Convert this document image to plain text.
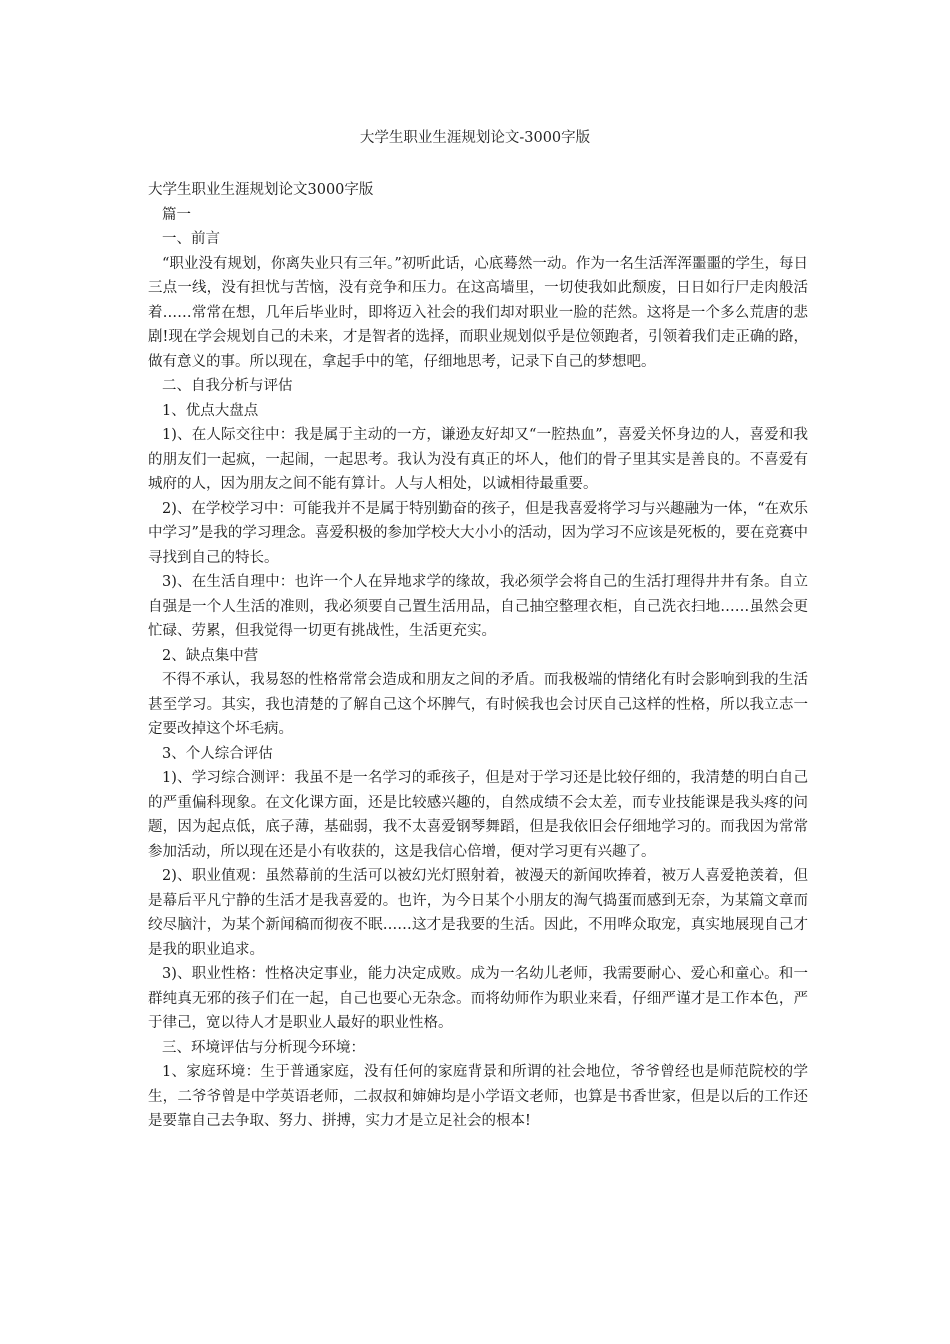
大学生职业生涯规划论文-3000字版

大学生职业生涯规划论文3000字版

篇一

一、前言

“职业没有规划，你离失业只有三年。”初听此话，心底蓦然一动。作为一名生活浑浑噩噩的学生，每日三点一线，没有担忧与苦恼，没有竞争和压力。在这高墙里，一切使我如此颓废，日日如行尸走肉般活着……常常在想，几年后毕业时，即将迈入社会的我们却对职业一脸的茫然。这将是一个多么荒唐的悲剧!现在学会规划自己的未来，才是智者的选择，而职业规划似乎是位领跑者，引领着我们走正确的路，做有意义的事。所以现在，拿起手中的笔，仔细地思考，记录下自己的梦想吧。

二、自我分析与评估

1、优点大盘点

1)、在人际交往中：我是属于主动的一方，谦逊友好却又“一腔热血”，喜爱关怀身边的人，喜爱和我的朋友们一起疯，一起闹，一起思考。我认为没有真正的坏人，他们的骨子里其实是善良的。不喜爱有城府的人，因为朋友之间不能有算计。人与人相处，以诚相待最重要。

2)、在学校学习中：可能我并不是属于特别勤奋的孩子，但是我喜爱将学习与兴趣融为一体，“在欢乐中学习”是我的学习理念。喜爱积极的参加学校大大小小的活动，因为学习不应该是死板的，要在竞赛中寻找到自己的特长。

3)、在生活自理中：也许一个人在异地求学的缘故，我必须学会将自己的生活打理得井井有条。自立自强是一个人生活的准则，我必须要自己置生活用品，自己抽空整理衣柜，自己洗衣扫地……虽然会更忙碌、劳累，但我觉得一切更有挑战性，生活更充实。

2、缺点集中营

不得不承认，我易怒的性格常常会造成和朋友之间的矛盾。而我极端的情绪化有时会影响到我的生活甚至学习。其实，我也清楚的了解自己这个坏脾气，有时候我也会讨厌自己这样的性格，所以我立志一定要改掉这个坏毛病。

3、个人综合评估

1)、学习综合测评：我虽不是一名学习的乖孩子，但是对于学习还是比较仔细的，我清楚的明白自己的严重偏科现象。在文化课方面，还是比较感兴趣的，自然成绩不会太差，而专业技能课是我头疼的问题，因为起点低，底子薄，基础弱，我不太喜爱钢琴舞蹈，但是我依旧会仔细地学习的。而我因为常常参加活动，所以现在还是小有收获的，这是我信心倍增，便对学习更有兴趣了。

2)、职业值观：虽然幕前的生活可以被幻光灯照射着，被漫天的新闻吹捧着，被万人喜爱艳羡着，但是幕后平凡宁静的生活才是我喜爱的。也许，为今日某个小朋友的淘气捣蛋而感到无奈，为某篇文章而绞尽脑汁，为某个新闻稿而彻夜不眠……这才是我要的生活。因此，不用哗众取宠，真实地展现自己才是我的职业追求。

3)、职业性格：性格决定事业，能力决定成败。成为一名幼儿老师，我需要耐心、爱心和童心。和一群纯真无邪的孩子们在一起，自己也要心无杂念。而将幼师作为职业来看，仔细严谨才是工作本色，严于律己，宽以待人才是职业人最好的职业性格。

三、环境评估与分析现今环境：

1、家庭环境：生于普通家庭，没有任何的家庭背景和所谓的社会地位，爷爷曾经也是师范院校的学生，二爷爷曾是中学英语老师，二叔叔和婶婶均是小学语文老师，也算是书香世家，但是以后的工作还是要靠自己去争取、努力、拼搏，实力才是立足社会的根本!
